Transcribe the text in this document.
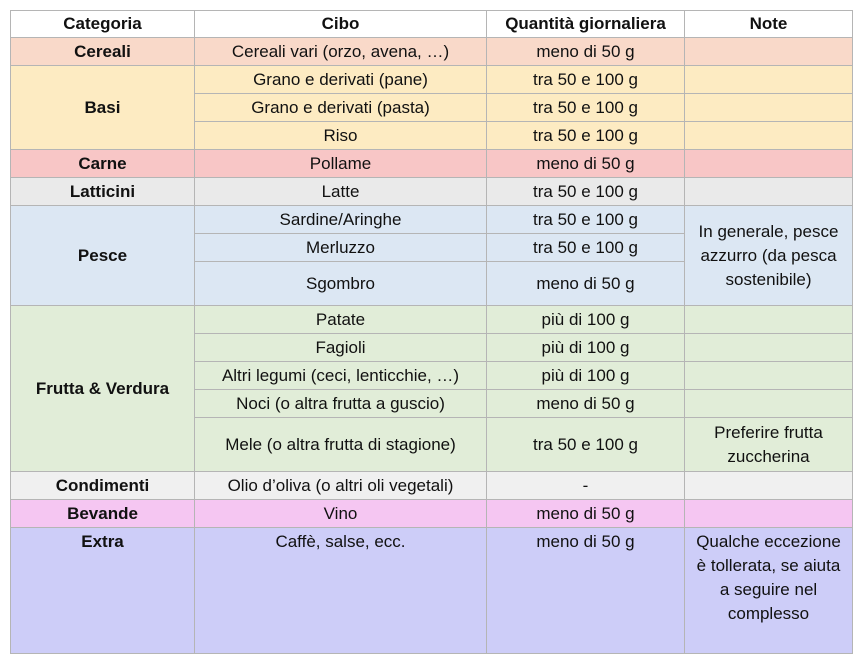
Categoria	Cibo	Quantità giornaliera	Note
Cereali	Cereali vari (orzo, avena, …)	meno di 50 g	
Basi	Grano e derivati (pane)	tra 50 e 100 g	
	Grano e derivati (pasta)	tra 50 e 100 g	
	Riso	tra 50 e 100 g	
Carne	Pollame	meno di 50 g	
Latticini	Latte	tra 50 e 100 g	
Pesce	Sardine/Aringhe	tra 50 e 100 g	In generale, pesce azzurro (da pesca sostenibile)
	Merluzzo	tra 50 e 100 g	
	Sgombro	meno di 50 g	
Frutta & Verdura	Patate	più di 100 g	
	Fagioli	più di 100 g	
	Altri legumi (ceci, lenticchie, …)	più di 100 g	
	Noci (o altra frutta a guscio)	meno di 50 g	
	Mele (o altra frutta di stagione)	tra 50 e 100 g	Preferire frutta zuccherina
Condimenti	Olio d’oliva (o altri oli vegetali)	-	
Bevande	Vino	meno di 50 g	
Extra	Caffè, salse, ecc.	meno di 50 g	Qualche eccezione è tollerata, se aiuta a seguire nel complesso
